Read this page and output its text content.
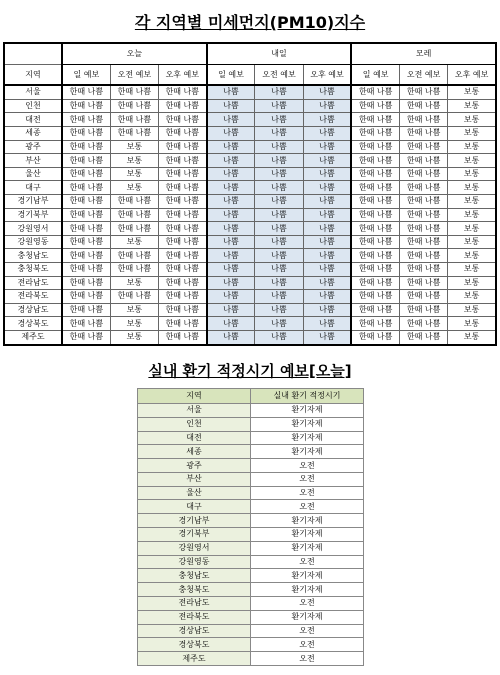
각 지역별 미세먼지(PM10)지수
	오늘			내일			모레		
지역	일 예보	오전 예보	오후 예보	일 예보	오전 예보	오후 예보	일 예보	오전 예보	오후 예보
서울	한때 나쁨	한때 나쁨	한때 나쁨	나쁨	나쁨	나쁨	한때 나쁨	한때 나쁨	보통
인천	한때 나쁨	한때 나쁨	한때 나쁨	나쁨	나쁨	나쁨	한때 나쁨	한때 나쁨	보통
대전	한때 나쁨	한때 나쁨	한때 나쁨	나쁨	나쁨	나쁨	한때 나쁨	한때 나쁨	보통
세종	한때 나쁨	한때 나쁨	한때 나쁨	나쁨	나쁨	나쁨	한때 나쁨	한때 나쁨	보통
광주	한때 나쁨	보통	한때 나쁨	나쁨	나쁨	나쁨	한때 나쁨	한때 나쁨	보통
부산	한때 나쁨	보통	한때 나쁨	나쁨	나쁨	나쁨	한때 나쁨	한때 나쁨	보통
울산	한때 나쁨	보통	한때 나쁨	나쁨	나쁨	나쁨	한때 나쁨	한때 나쁨	보통
대구	한때 나쁨	보통	한때 나쁨	나쁨	나쁨	나쁨	한때 나쁨	한때 나쁨	보통
경기남부	한때 나쁨	한때 나쁨	한때 나쁨	나쁨	나쁨	나쁨	한때 나쁨	한때 나쁨	보통
경기북부	한때 나쁨	한때 나쁨	한때 나쁨	나쁨	나쁨	나쁨	한때 나쁨	한때 나쁨	보통
강원영서	한때 나쁨	한때 나쁨	한때 나쁨	나쁨	나쁨	나쁨	한때 나쁨	한때 나쁨	보통
강원영동	한때 나쁨	보통	한때 나쁨	나쁨	나쁨	나쁨	한때 나쁨	한때 나쁨	보통
충청남도	한때 나쁨	한때 나쁨	한때 나쁨	나쁨	나쁨	나쁨	한때 나쁨	한때 나쁨	보통
충청북도	한때 나쁨	한때 나쁨	한때 나쁨	나쁨	나쁨	나쁨	한때 나쁨	한때 나쁨	보통
전라남도	한때 나쁨	보통	한때 나쁨	나쁨	나쁨	나쁨	한때 나쁨	한때 나쁨	보통
전라북도	한때 나쁨	한때 나쁨	한때 나쁨	나쁨	나쁨	나쁨	한때 나쁨	한때 나쁨	보통
경상남도	한때 나쁨	보통	한때 나쁨	나쁨	나쁨	나쁨	한때 나쁨	한때 나쁨	보통
경상북도	한때 나쁨	보통	한때 나쁨	나쁨	나쁨	나쁨	한때 나쁨	한때 나쁨	보통
제주도	한때 나쁨	보통	한때 나쁨	나쁨	나쁨	나쁨	한때 나쁨	한때 나쁨	보통
실내 환기 적정시기 예보[오늘]
지역	실내 환기 적정시기
서울	환기자제
인천	환기자제
대전	환기자제
세종	환기자제
광주	오전
부산	오전
울산	오전
대구	오전
경기남부	환기자제
경기북부	환기자제
강원영서	환기자제
강원영동	오전
충청남도	환기자제
충청북도	환기자제
전라남도	오전
전라북도	환기자제
경상남도	오전
경상북도	오전
제주도	오전
